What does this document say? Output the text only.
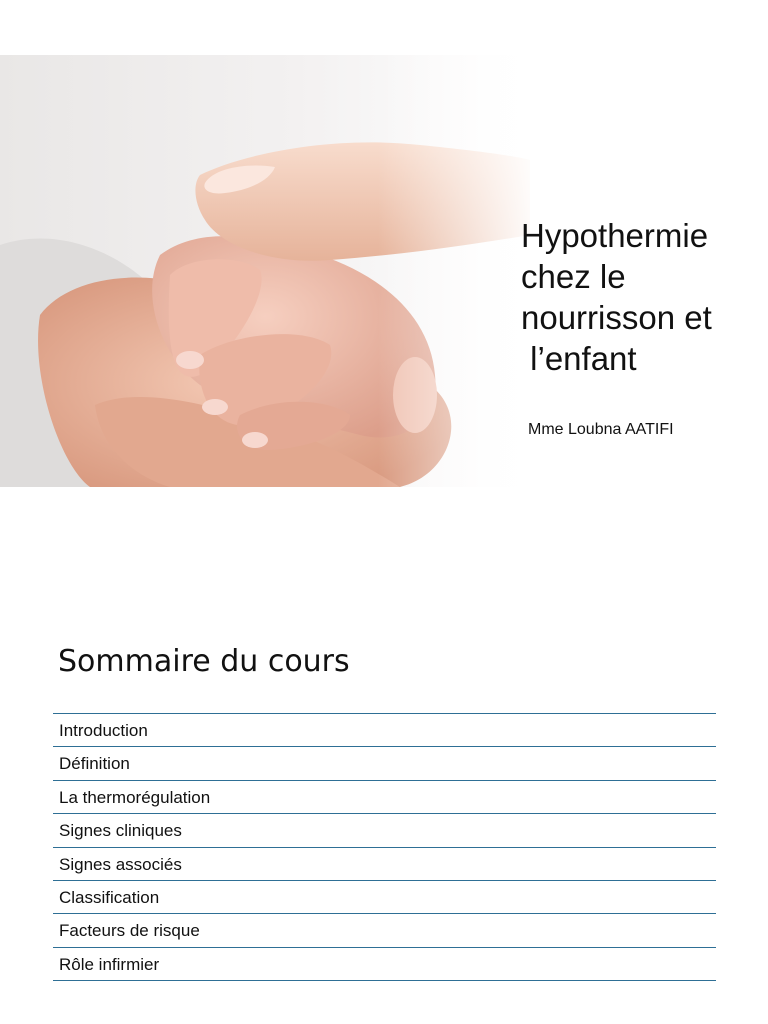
Hypothermie
chez le
nourrisson et
l’enfant
Mme Loubna AATIFI
Sommaire du cours
Introduction
Définition
La thermorégulation
Signes cliniques
Signes associés
Classification
Facteurs de risque
Rôle infirmier
